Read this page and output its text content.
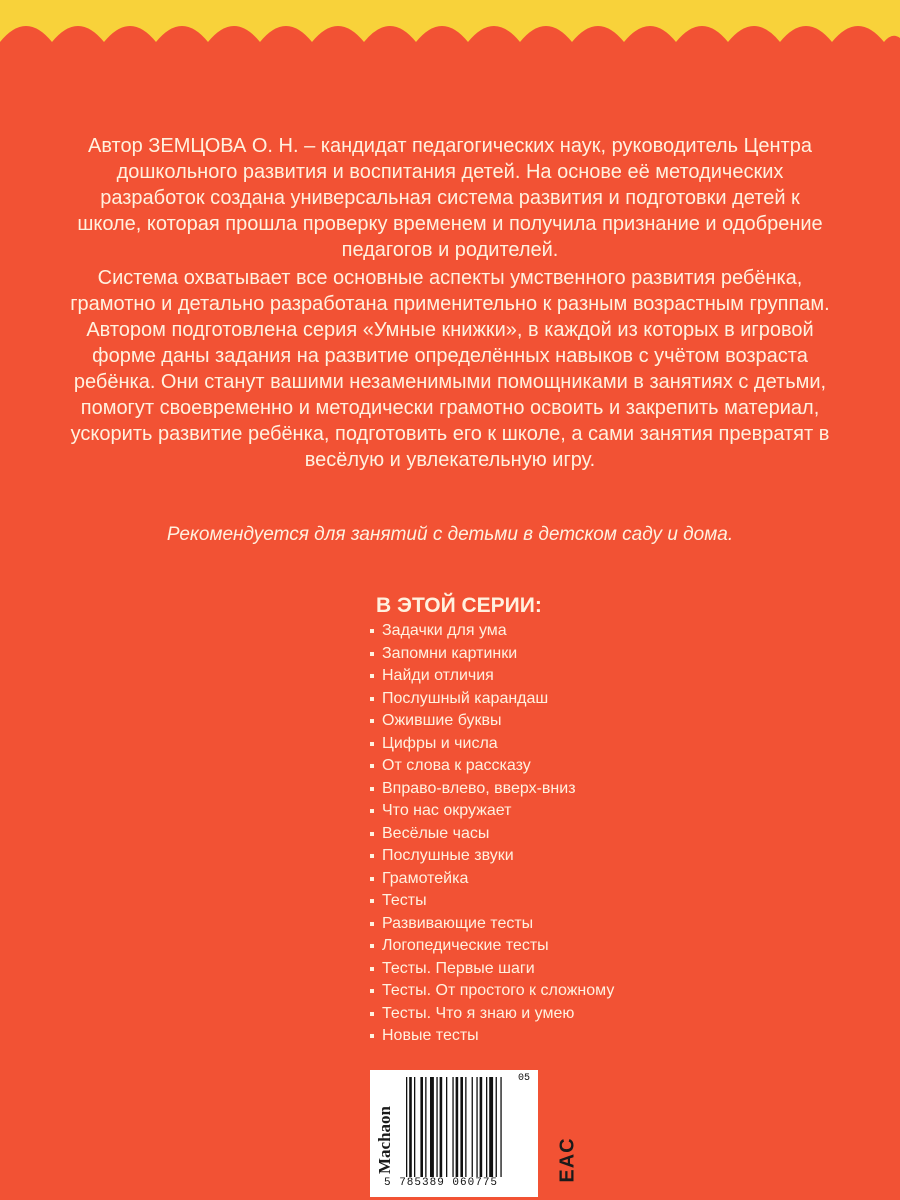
Автор ЗЕМЦОВА О. Н. – кандидат педагогических наук, руководитель Центра дошкольного развития и воспитания детей. На основе её методических разработок создана универсальная система развития и подготовки детей к школе, которая прошла проверку временем и получила признание и одобрение педагогов и родителей.

Система охватывает все основные аспекты умственного развития ребёнка, грамотно и детально разработана применительно к разным возрастным группам. Автором подготовлена серия «Умные книжки», в каждой из которых в игровой форме даны задания на развитие определённых навыков с учётом возраста ребёнка. Они станут вашими незаменимыми помощниками в занятиях с детьми, помогут своевременно и методически грамотно освоить и закрепить материал, ускорить развитие ребёнка, подготовить его к школе, а сами занятия превратят в весёлую и увлекательную игру.

Рекомендуется для занятий с детьми в детском саду и дома.

В ЭТОЙ СЕРИИ:

Задачки для ума
Запомни картинки
Найди отличия
Послушный карандаш
Ожившие буквы
Цифры и числа
От слова к рассказу
Вправо-влево, вверх-вниз
Что нас окружает
Весёлые часы
Послушные звуки
Грамотейка
Тесты
Развивающие тесты
Логопедические тесты
Тесты. Первые шаги
Тесты. От простого к сложному
Тесты. Что я знаю и умею
Новые тесты
Machaon
5 785389 060775
05
EAC
